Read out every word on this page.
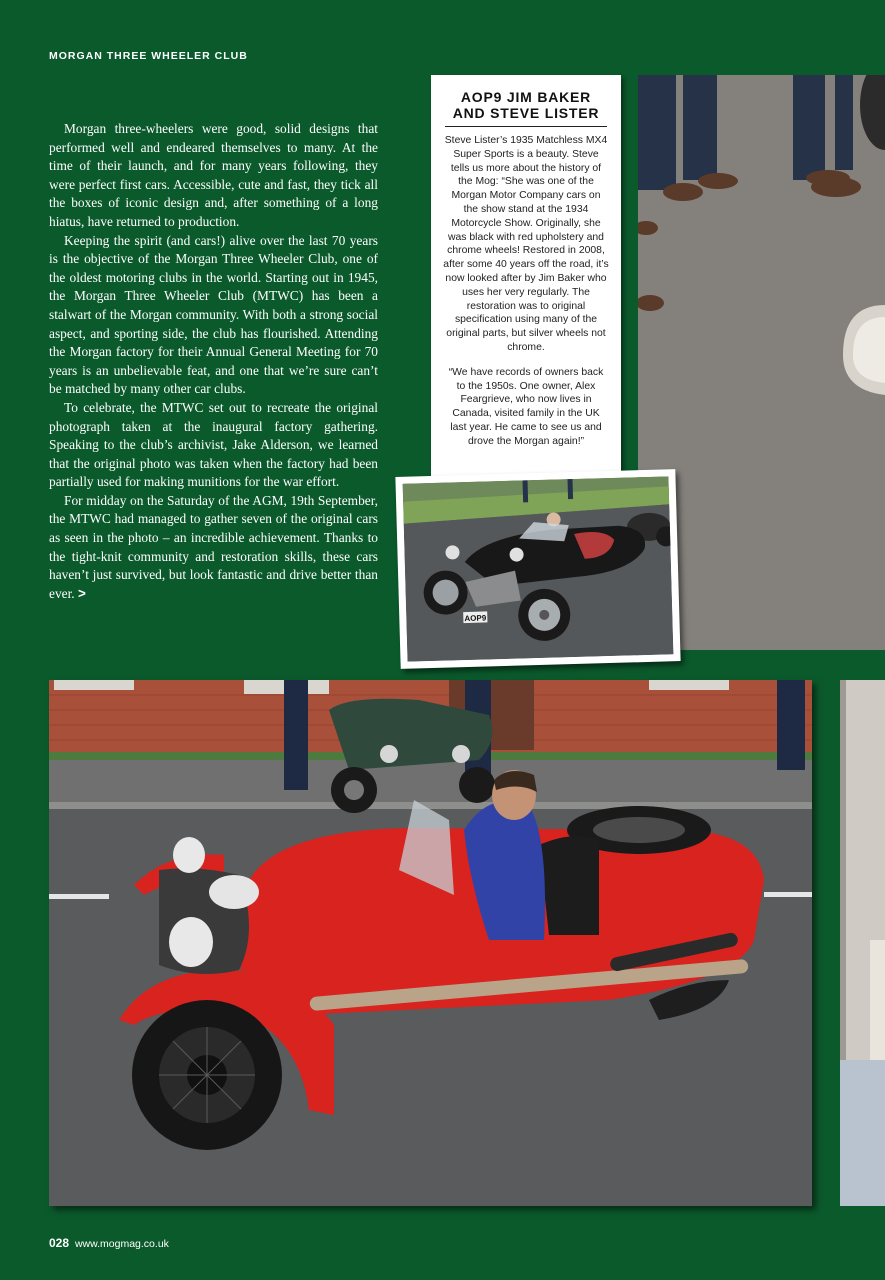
MORGAN THREE WHEELER CLUB

Morgan three-wheelers were good, solid designs that performed well and endeared themselves to many. At the time of their launch, and for many years following, they were perfect first cars. Accessible, cute and fast, they tick all the boxes of iconic design and, after something of a long hiatus, have returned to production.

Keeping the spirit (and cars!) alive over the last 70 years is the objective of the Morgan Three Wheeler Club, one of the oldest motoring clubs in the world. Starting out in 1945, the Morgan Three Wheeler Club (MTWC) has been a stalwart of the Morgan community. With both a strong social aspect, and sporting side, the club has flourished. Attending the Morgan factory for their Annual General Meeting for 70 years is an unbelievable feat, and one that we’re sure can’t be matched by many other car clubs.

To celebrate, the MTWC set out to recreate the original photograph taken at the inaugural factory gathering. Speaking to the club’s archivist, Jake Alderson, we learned that the original photo was taken when the factory had been partially used for making munitions for the war effort.

For midday on the Saturday of the AGM, 19th September, the MTWC had managed to gather seven of the original cars as seen in the photo – an incredible achievement. Thanks to the tight-knit community and restoration skills, these cars haven’t just survived, but look fantastic and drive better than ever. >

AOP9 JIM BAKER
AND STEVE LISTER

Steve Lister’s 1935 Matchless MX4 Super Sports is a beauty. Steve tells us more about the history of the Mog: “She was one of the Morgan Motor Company cars on the show stand at the 1934 Motorcycle Show. Originally, she was black with red upholstery and chrome wheels! Restored in 2008, after some 40 years off the road, it’s now looked after by Jim Baker who uses her very regularly. The restoration was to original specification using many of the original parts, but silver wheels not chrome.

“We have records of owners back to the 1950s. One owner, Alex Feargrieve, who now lives in Canada, visited family in the UK last year. He came to see us and drove the Morgan again!”

AOP9
028 www.mogmag.co.uk
